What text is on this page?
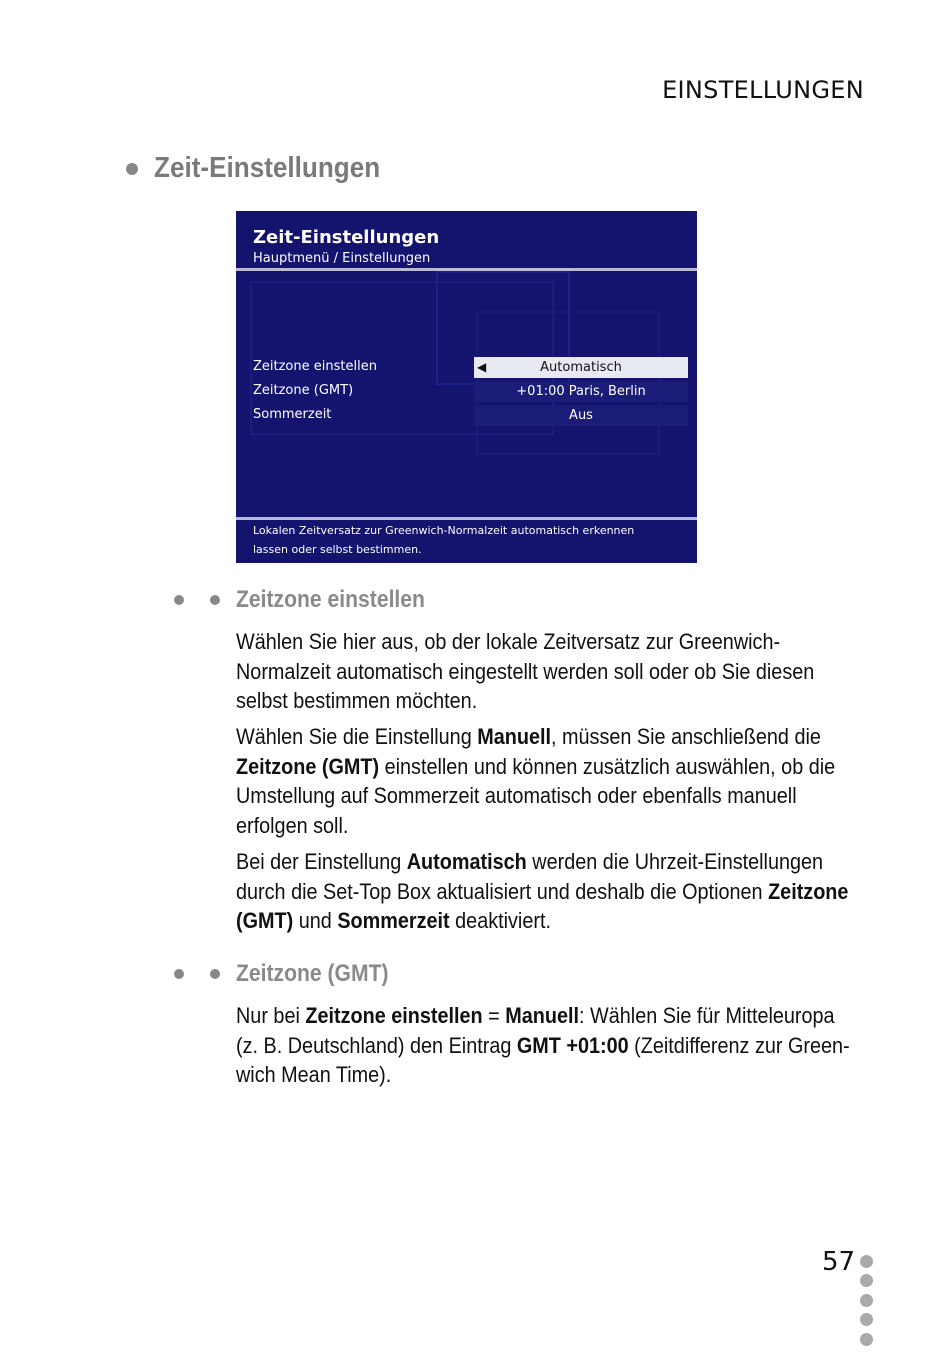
EINSTELLUNGEN
Zeit-Einstellungen
Zeit-Einstellungen
Hauptmenü / Einstellungen
Zeitzone einstellen
Zeitzone (GMT)
Sommerzeit
◀	Automatisch
+01:00 Paris, Berlin
Aus
Lokalen Zeitversatz zur Greenwich-Normalzeit automatisch erkennen
lassen oder selbst bestimmen.
Zeitzone einstellen
Wählen Sie hier aus, ob der lokale Zeitversatz zur Greenwich-Normalzeit automatisch eingestellt werden soll oder ob Sie diesen selbst bestimmen möchten.
Wählen Sie die Einstellung Manuell, müssen Sie anschließend die Zeitzone (GMT) einstellen und können zusätzlich auswählen, ob die Umstellung auf Sommerzeit automatisch oder ebenfalls manuell erfolgen soll.
Bei der Einstellung Automatisch werden die Uhrzeit-Einstellungen durch die Set-Top Box aktualisiert und deshalb die Optionen Zeitzone (GMT) und Sommerzeit deaktiviert.
Zeitzone (GMT)
Nur bei Zeitzone einstellen = Manuell: Wählen Sie für Mitteleuropa (z. B. Deutschland) den Eintrag GMT +01:00 (Zeitdifferenz zur Green-wich Mean Time).
57
